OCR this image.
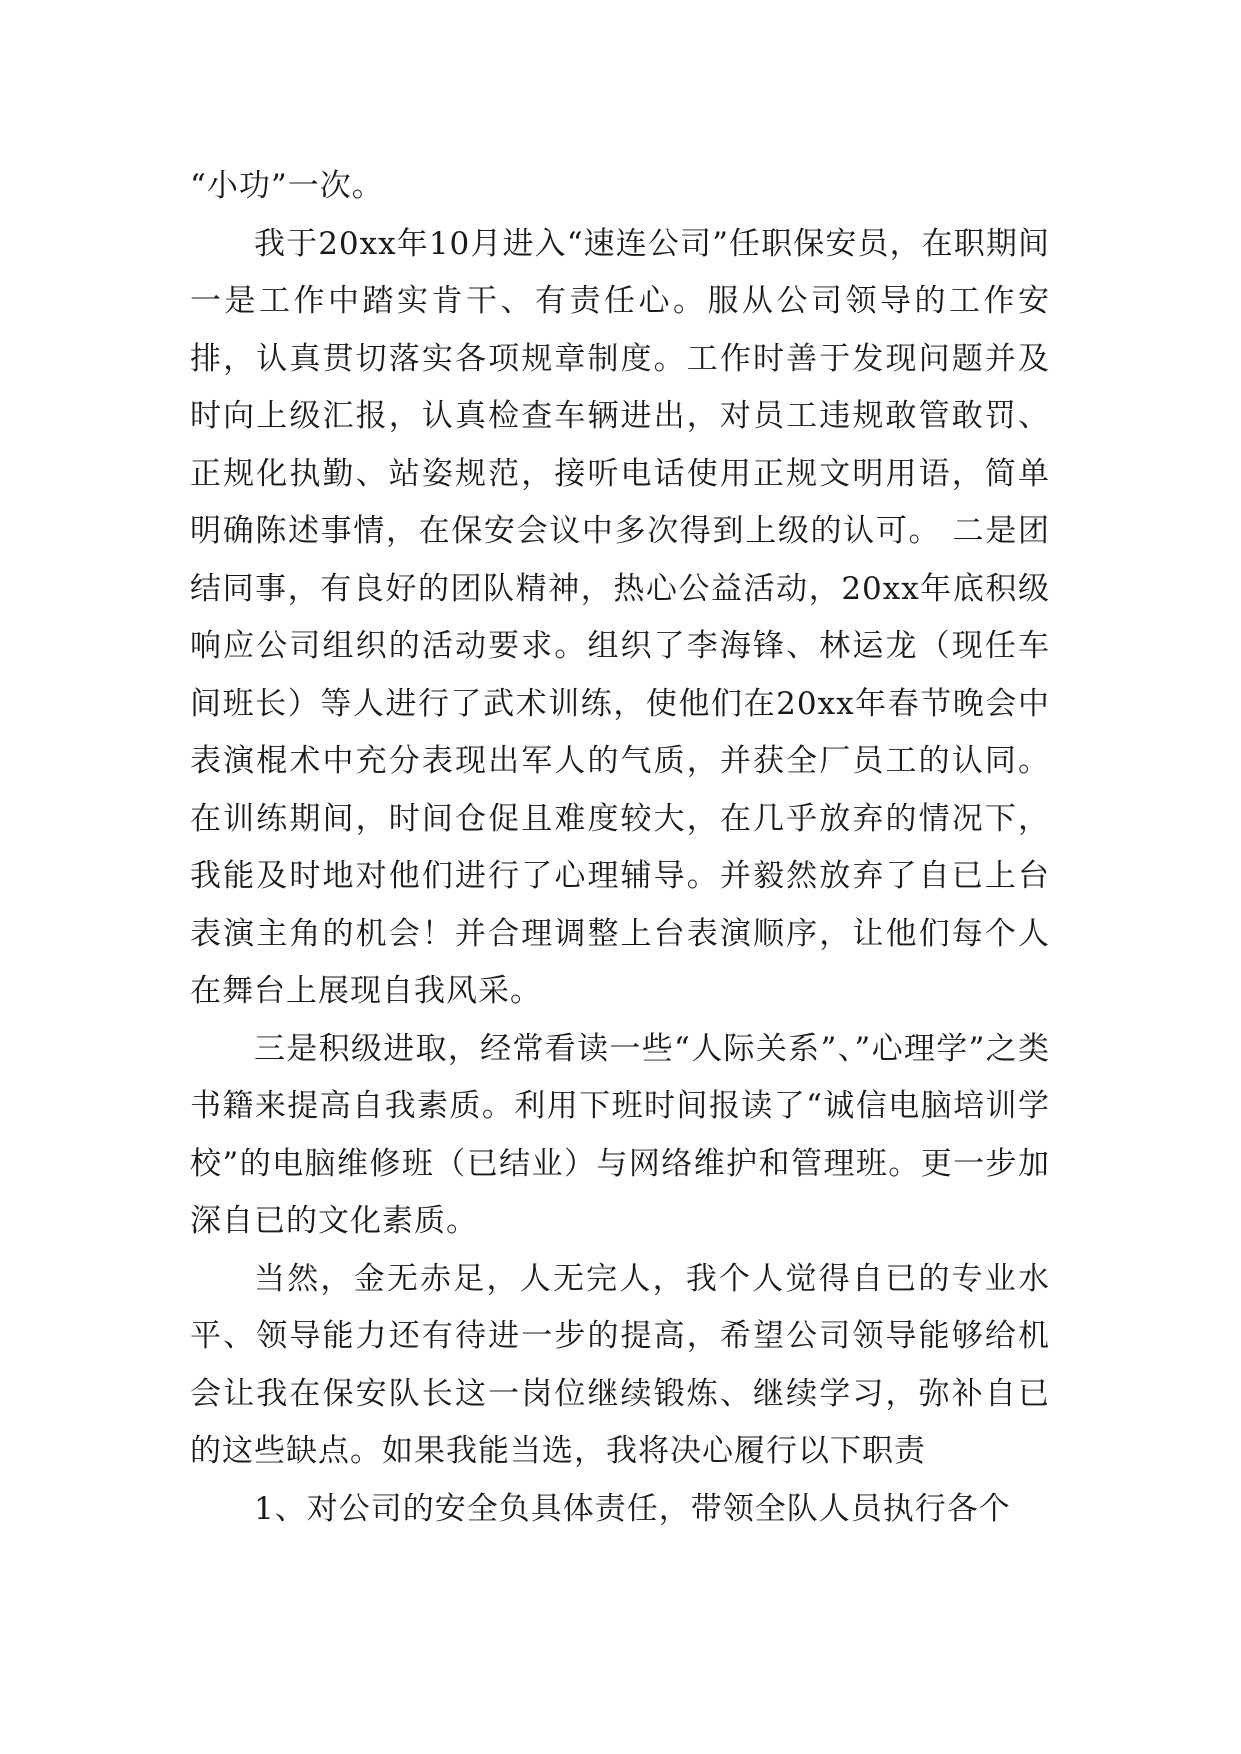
“小功”一次。

我于20xx年10月进入“速连公司”任职保安员，在职期间一是工作中踏实肯干、有责任心。服从公司领导的工作安排，认真贯切落实各项规章制度。工作时善于发现问题并及时向上级汇报，认真检查车辆进出，对员工违规敢管敢罚、正规化执勤、站姿规范，接听电话使用正规文明用语，简单明确陈述事情，在保安会议中多次得到上级的认可。 二是团结同事，有良好的团队精神，热心公益活动，20xx年底积级响应公司组织的活动要求。组织了李海锋、林运龙（现任车间班长）等人进行了武术训练，使他们在20xx年春节晚会中表演棍术中充分表现出军人的气质，并获全厂员工的认同。在训练期间，时间仓促且难度较大，在几乎放弃的情况下，我能及时地对他们进行了心理辅导。并毅然放弃了自已上台表演主角的机会！并合理调整上台表演顺序，让他们每个人在舞台上展现自我风采。

三是积级进取，经常看读一些“人际关系”、”心理学”之类书籍来提高自我素质。利用下班时间报读了“诚信电脑培训学校”的电脑维修班（已结业）与网络维护和管理班。更一步加深自已的文化素质。

当然，金无赤足，人无完人，我个人觉得自已的专业水平、领导能力还有待进一步的提高，希望公司领导能够给机会让我在保安队长这一岗位继续锻炼、继续学习，弥补自已的这些缺点。如果我能当选，我将决心履行以下职责

1、对公司的安全负具体责任，带领全队人员执行各个
